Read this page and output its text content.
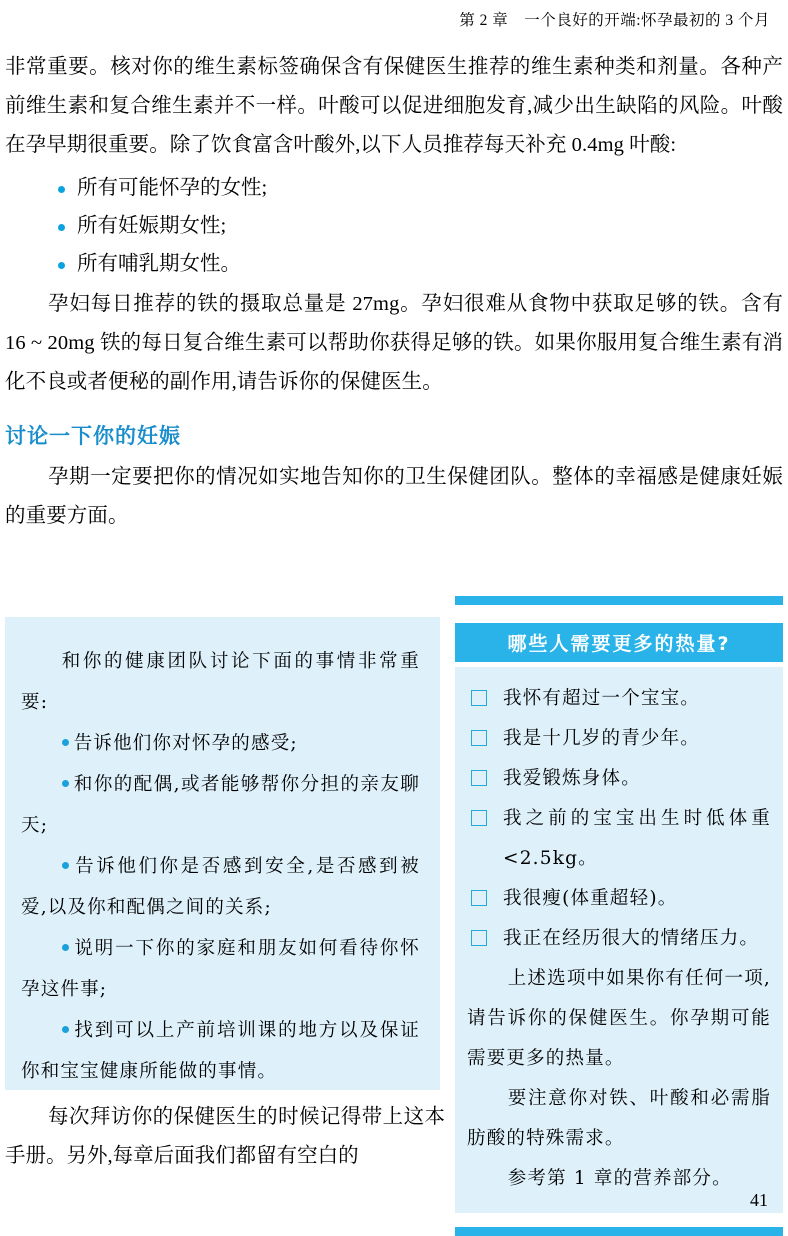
第 2 章　一个良好的开端:怀孕最初的 3 个月

非常重要。核对你的维生素标签确保含有保健医生推荐的维生素种类和剂量。各种产前维生素和复合维生素并不一样。叶酸可以促进细胞发育,减少出生缺陷的风险。叶酸在孕早期很重要。除了饮食富含叶酸外,以下人员推荐每天补充 0.4mg 叶酸:

所有可能怀孕的女性;
所有妊娠期女性;
所有哺乳期女性。

孕妇每日推荐的铁的摄取总量是 27mg。孕妇很难从食物中获取足够的铁。含有 16 ~ 20mg 铁的每日复合维生素可以帮助你获得足够的铁。如果你服用复合维生素有消化不良或者便秘的副作用,请告诉你的保健医生。

讨论一下你的妊娠

孕期一定要把你的情况如实地告知你的卫生保健团队。整体的幸福感是健康妊娠的重要方面。

和你的健康团队讨论下面的事情非常重要:

告诉他们你对怀孕的感受;
和你的配偶,或者能够帮你分担的亲友聊天;
告诉他们你是否感到安全,是否感到被爱,以及你和配偶之间的关系;
说明一下你的家庭和朋友如何看待你怀孕这件事;
找到可以上产前培训课的地方以及保证你和宝宝健康所能做的事情。
哪些人需要更多的热量?
我怀有超过一个宝宝。
我是十几岁的青少年。
我爱锻炼身体。
我之前的宝宝出生时低体重 <2.5kg。
我很瘦(体重超轻)。
我正在经历很大的情绪压力。

上述选项中如果你有任何一项,请告诉你的保健医生。你孕期可能需要更多的热量。

要注意你对铁、叶酸和必需脂肪酸的特殊需求。

参考第 1 章的营养部分。

每次拜访你的保健医生的时候记得带上这本手册。另外,每章后面我们都留有空白的

41
